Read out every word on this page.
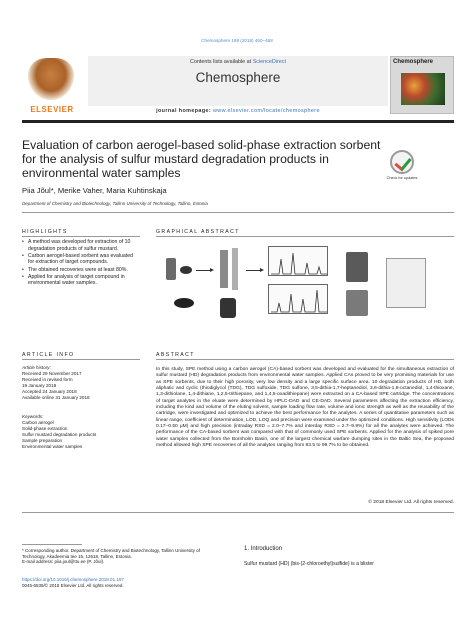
Chemosphere 198 (2018) 460–468
ELSEVIER
Contents lists available at ScienceDirect
Chemosphere
Chemosphere
journal homepage: www.elsevier.com/locate/chemosphere
Evaluation of carbon aerogel-based solid-phase extraction sorbent for the analysis of sulfur mustard degradation products in environmental water samples	Check for updates
Piia Jõul*, Merike Vaher, Maria Kuhtinskaja
Department of Chemistry and Biotechnology, Tallinn University of Technology, Tallinn, Estonia
HIGHLIGHTS
• A method was developed for extraction of 10 degradation products of sulfur mustard.
• Carbon aerogel-based sorbent was evaluated for extraction of target compounds.
• The obtained recoveries were at least 80%.
• Applied for analysis of target compound in environmental water samples.
GRAPHICAL ABSTRACT
ARTICLE INFO
Article history:
Received 29 November 2017
Received in revised form
19 January 2018
Accepted 24 January 2018
Available online 31 January 2018
Keywords:
Carbon aerogel
Solid-phase extraction
Sulfur mustard degradation products
Sample preparation
Environmental water samples
ABSTRACT
In this study, SPE method using a carbon aerogel (CA)-based sorbent was developed and evaluated for the simultaneous extraction of sulfur mustard (HD) degradation products from environmental water samples. Applied CAs proved to be very promising materials for use as SPE sorbents, due to their high porosity, very low density and a large specific surface area. 10 degradation products of HD, both aliphatic and cyclic (thiodiglycol (TDG), TDG sulfoxide, TDG sulfone, 3,5-dithia-1,7-heptanediol, 3,6-dithia-1,8-octanediol, 1,4-thioxane, 1,3-dithiolane, 1,4-dithiane, 1,2,5-trithiepane, and 1,4,5-oxadithiepane) were extracted on a CA-based SPE cartridge. The concentrations of target analytes in the eluate were determined by HPLC-DAD and CE-DAD. Several parameters affecting the extraction efficiency, including the kind and volume of the eluting solvent, sample loading flow rate, volume and ionic strength as well as the reusability of the cartridge, were investigated and optimized to achieve the best performance for the analytes. A series of quantitative parameters such as linear range, coefficient of determination, LOD, LOQ and precision were examined under the optimized conditions. High sensitivity (LODs 0.17–0.50 μM) and high precision (intraday RSD = 2.0–7.7% and interday RSD = 2.7–9.9%) for all the analytes were achieved. The performance of the CA-based sorbent was compared with that of commonly used SPE sorbents. Applied for the analysis of spiked pore water samples collected from the Bornholm Basin, one of the largest chemical warfare dumping sites in the Baltic Sea, the proposed method allowed high SPE recoveries of all the analytes ranging from 83.5 to 99.7% to be obtained.
© 2018 Elsevier Ltd. All rights reserved.
* Corresponding author. Department of Chemistry and Biotechnology, Tallinn University of Technology, Akadeemia tee 15, 12618, Tallinn, Estonia.
E-mail address: piia.joul@ttu.ee (P. Jõul).
https://doi.org/10.1016/j.chemosphere.2018.01.157
0045-6535/© 2018 Elsevier Ltd. All rights reserved.
1. Introduction
Sulfur mustard (HD) (bis-(2-chloroethyl)sulfide) is a blister
